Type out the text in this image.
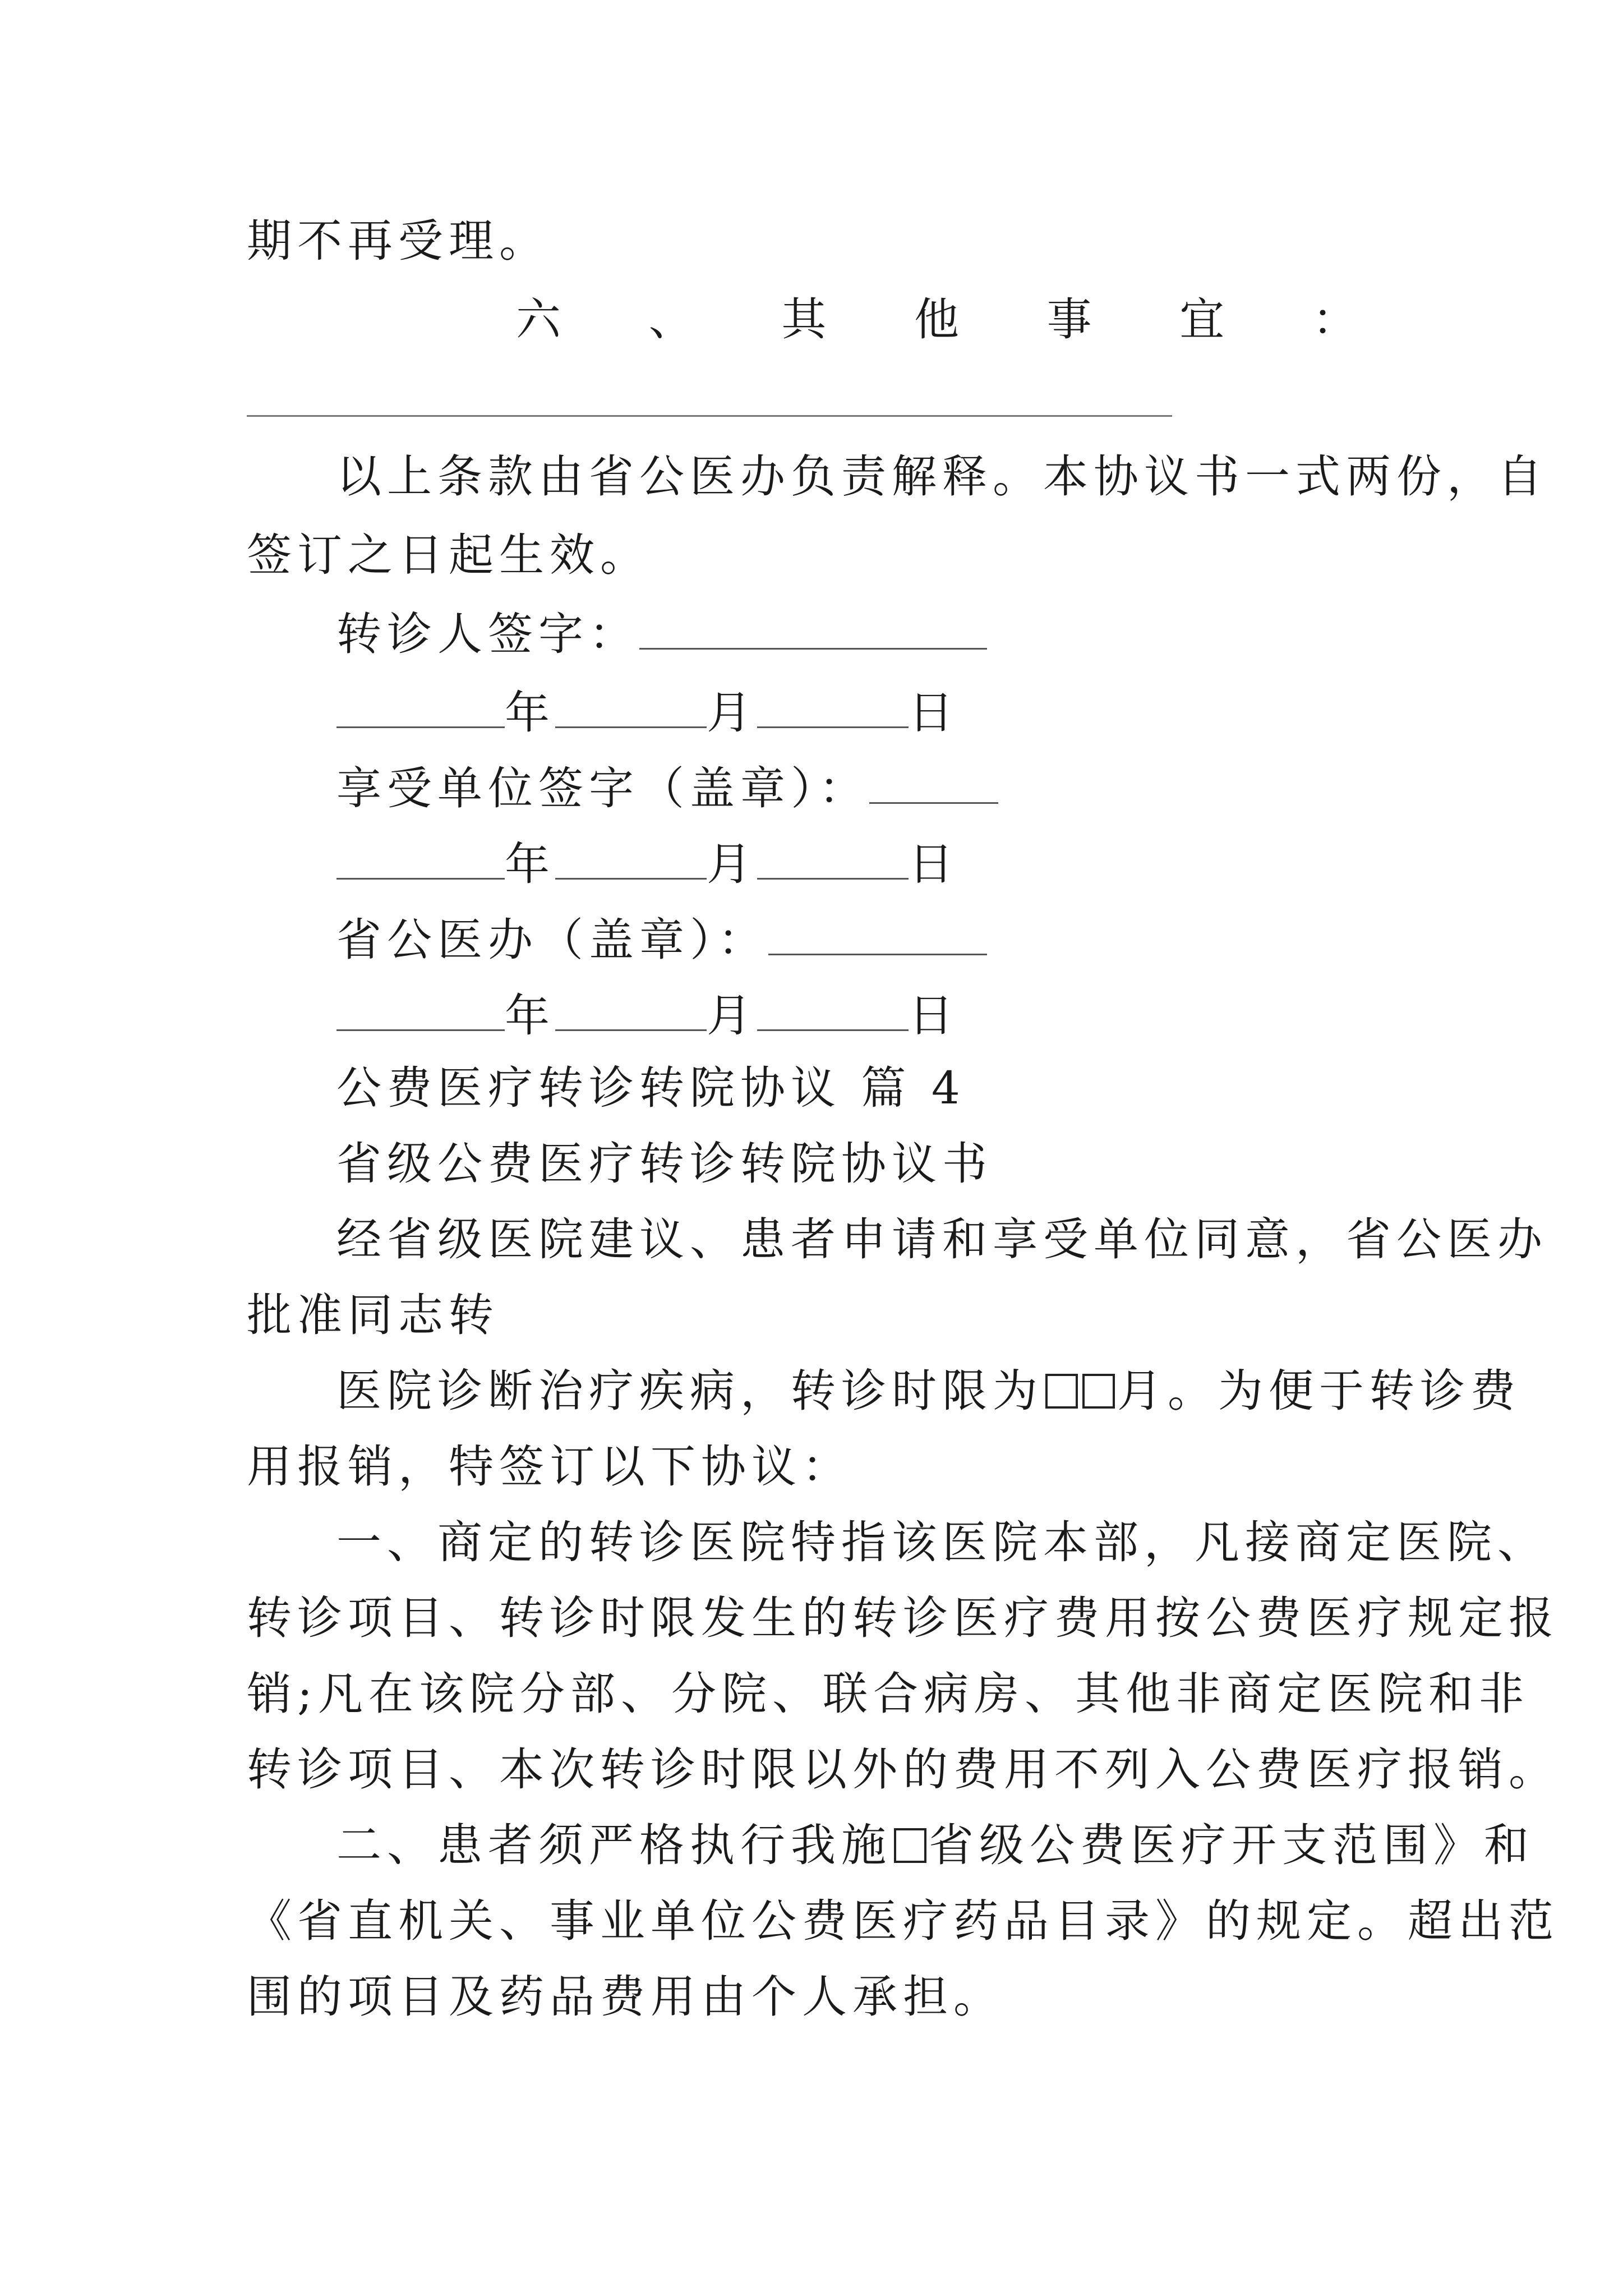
期不再受理。
六 、 其 他 事 宜 ：
以上条款由省公医办负责解释。本协议书一式两份，自
签订之日起生效。
转诊人签字：
年	月	日
享受单位签字（盖章）：
年	月	日
省公医办（盖章）：
年	月	日
公费医疗转诊转院协议 篇 4
省级公费医疗转诊转院协议书
经省级医院建议、患者申请和享受单位同意，省公医办
批准同志转
医院诊断治疗疾病，转诊时限为 月。为便于转诊费
用报销，特签订以下协议：
一、商定的转诊医院特指该医院本部，凡接商定医院、
转诊项目、转诊时限发生的转诊医疗费用按公费医疗规定报
销;凡在该院分部、分院、联合病房、其他非商定医院和非
转诊项目、本次转诊时限以外的费用不列入公费医疗报销。
二、患者须严格执行我施 省级公费医疗开支范围》和
《省直机关、事业单位公费医疗药品目录》的规定。超出范
围的项目及药品费用由个人承担。
